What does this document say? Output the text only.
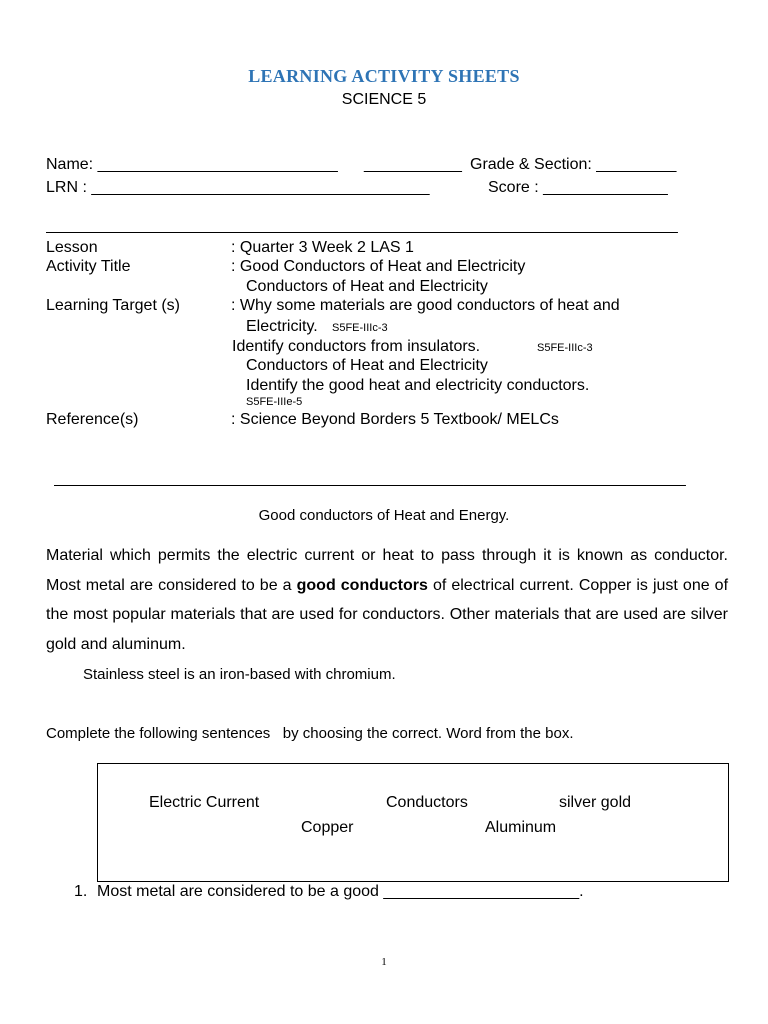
LEARNING ACTIVITY SHEETS
SCIENCE 5
Name: ___________________________ ___________ Grade & Section: _________
LRN : ______________________________________	Score : ______________
_______________________________________________________________________
Lesson	: Quarter 3 Week 2 LAS 1
Activity Title	: Good Conductors of Heat and Electricity
Conductors of Heat and Electricity
Learning Target (s)	: Why some materials are good conductors of heat and
Electricity. S5FE-IIIc-3
Identify conductors from insulators.	S5FE-IIIc-3
Conductors of Heat and Electricity
Identify the good heat and electricity conductors.
S5FE-IIIe-5
Reference(s)	: Science Beyond Borders 5 Textbook/ MELCs
_______________________________________________________________________
Good conductors of Heat and Energy.
Material which permits the electric current or heat to pass through it is known as conductor. Most metal are considered to be a good conductors of electrical current. Copper is just one of the most popular materials that are used for conductors. Other materials that are used are silver gold and aluminum.
Stainless steel is an iron-based with chromium.
Complete the following sentences   by choosing the correct. Word from the box.
Electric Current	Conductors	silver gold
Copper	Aluminum
1. Most metal are considered to be a good ______________________.
1
